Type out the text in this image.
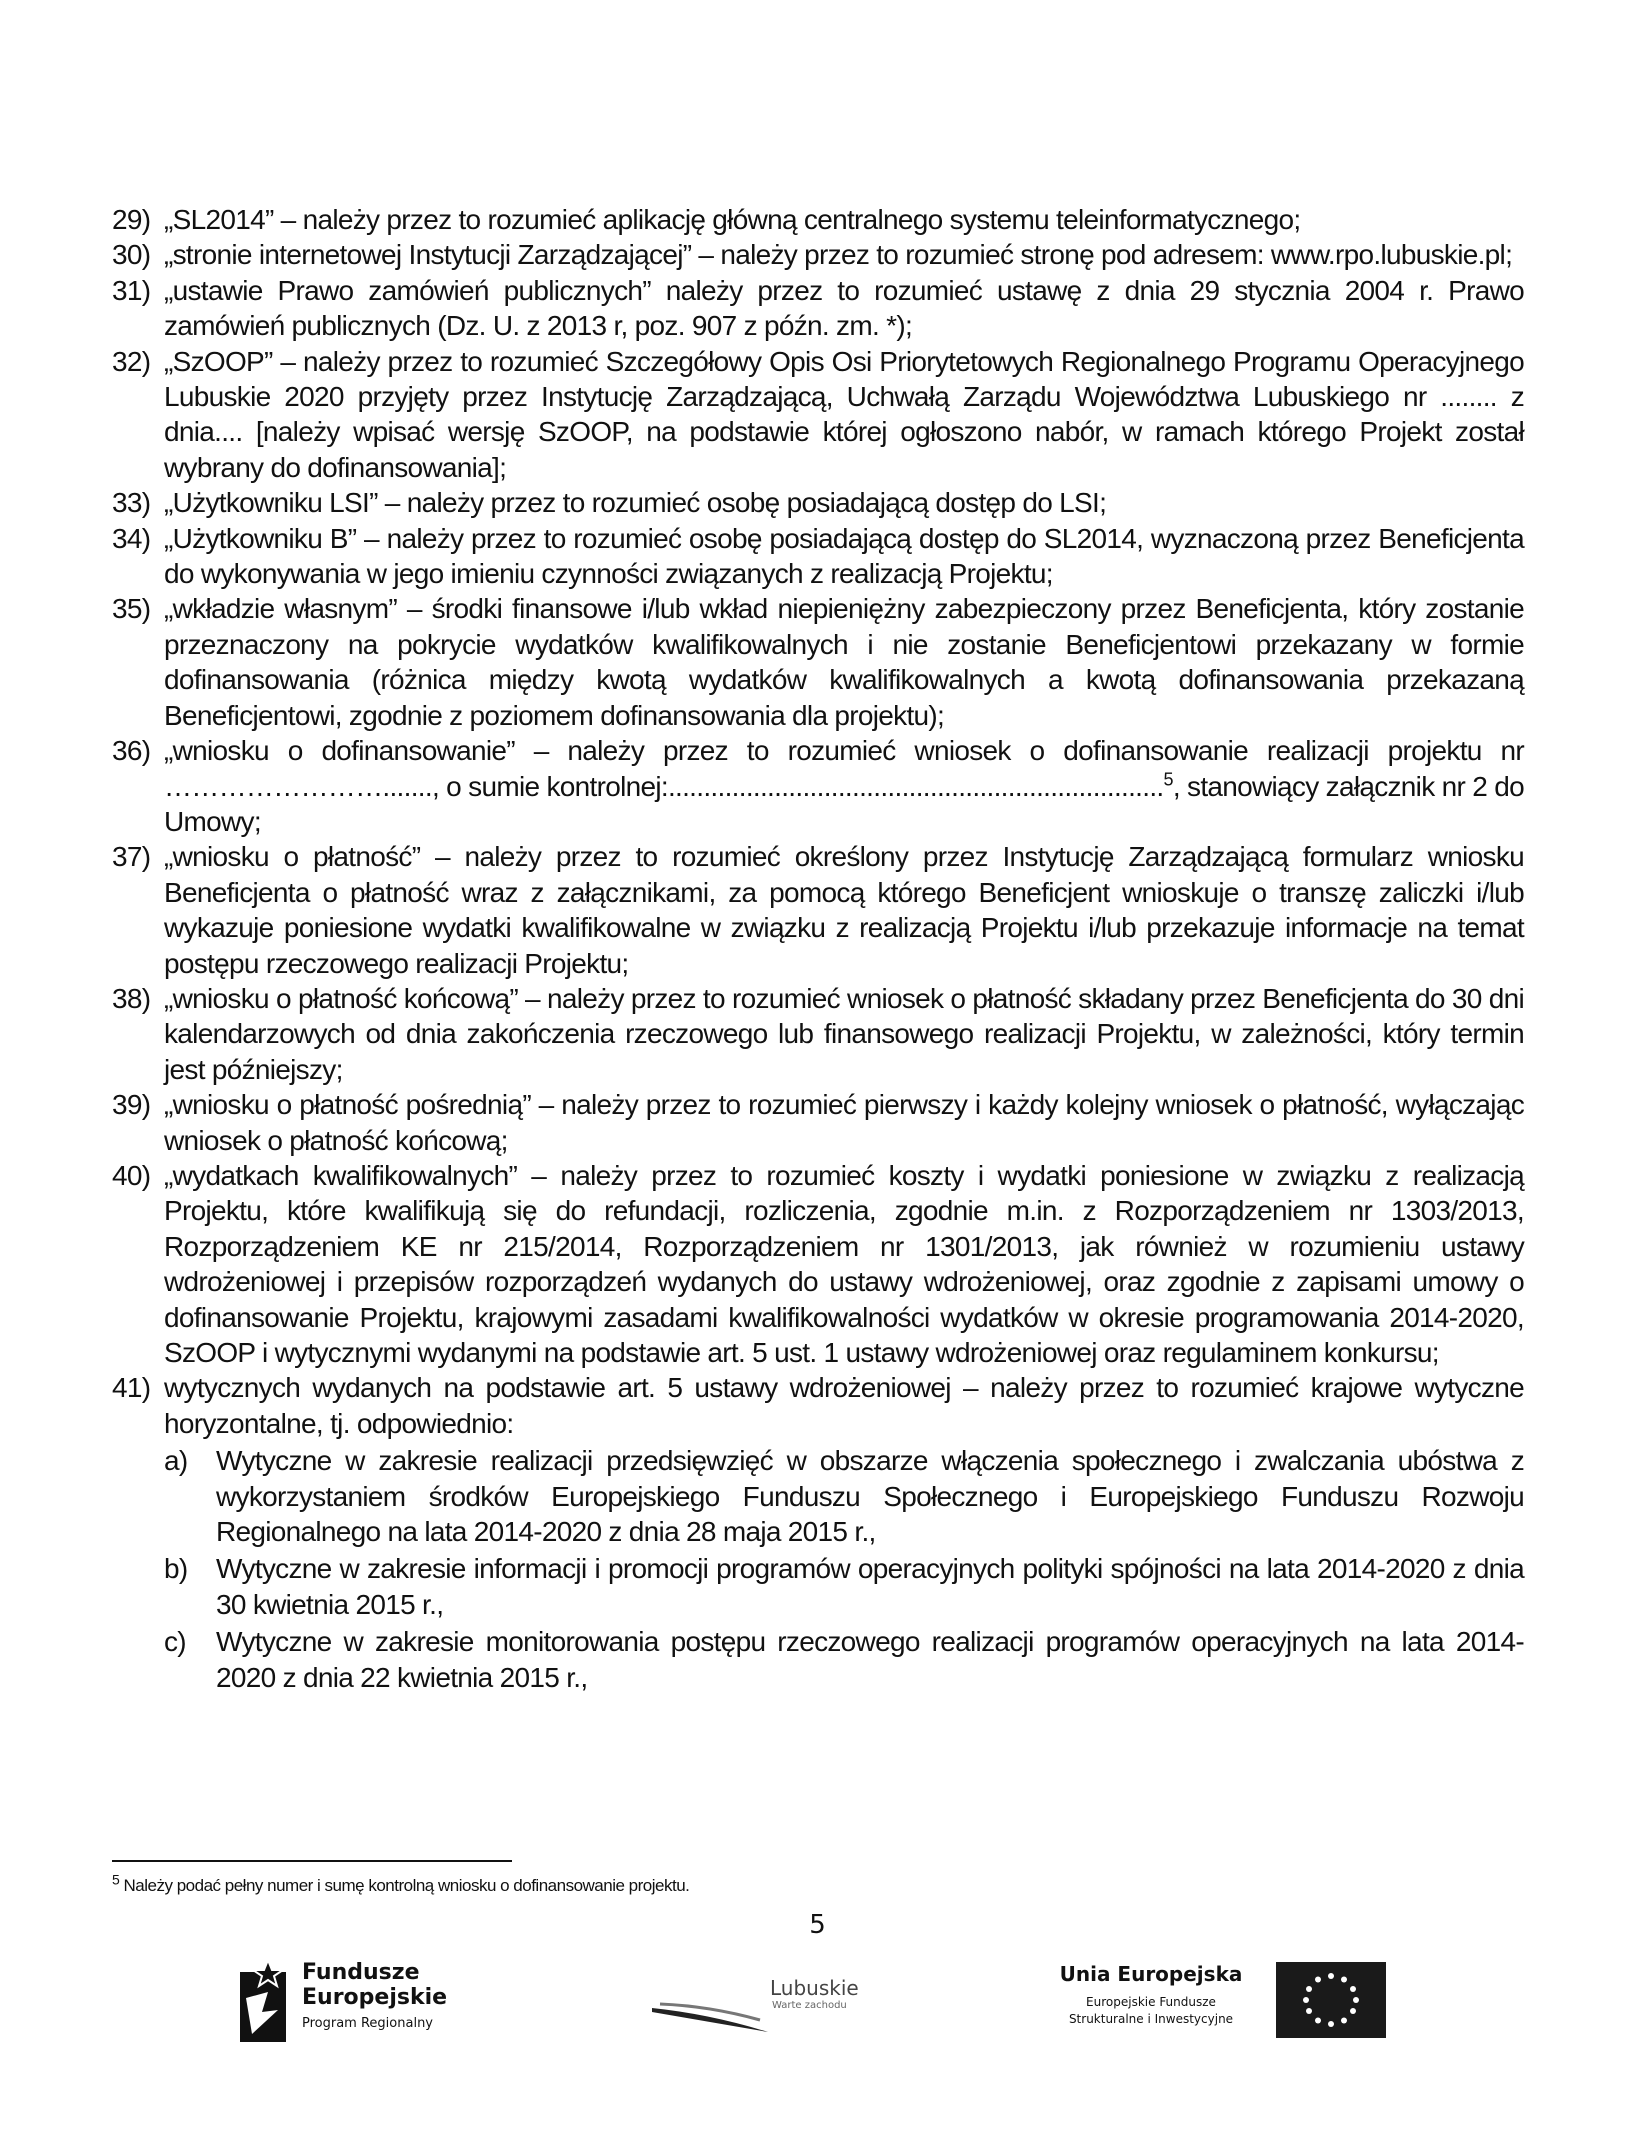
29) „SL2014” – należy przez to rozumieć aplikację główną centralnego systemu teleinformatycznego;
30) „stronie internetowej Instytucji Zarządzającej” – należy przez to rozumieć stronę pod adresem: www.rpo.lubuskie.pl;
31) „ustawie Prawo zamówień publicznych” należy przez to rozumieć ustawę z dnia 29 stycznia 2004 r. Prawo zamówień publicznych (Dz. U. z 2013 r, poz. 907 z późn. zm. *);
32) „SzOOP” – należy przez to rozumieć Szczegółowy Opis Osi Priorytetowych Regionalnego Programu Operacyjnego Lubuskie 2020 przyjęty przez Instytucję Zarządzającą, Uchwałą Zarządu Województwa Lubuskiego nr ........ z dnia.... [należy wpisać wersję SzOOP, na podstawie której ogłoszono nabór, w ramach którego Projekt został wybrany do dofinansowania];
33) „Użytkowniku LSI” – należy przez to rozumieć osobę posiadającą dostęp do LSI;
34) „Użytkowniku B” – należy przez to rozumieć osobę posiadającą dostęp do SL2014, wyznaczoną przez Beneficjenta do wykonywania w jego imieniu czynności związanych z realizacją Projektu;
35) „wkładzie własnym” – środki finansowe i/lub wkład niepieniężny zabezpieczony przez Beneficjenta, który zostanie przeznaczony na pokrycie wydatków kwalifikowalnych i nie zostanie Beneficjentowi przekazany w formie dofinansowania (różnica między kwotą wydatków kwalifikowalnych a kwotą dofinansowania przekazaną Beneficjentowi, zgodnie z poziomem dofinansowania dla projektu);
36) „wniosku o dofinansowanie” – należy przez to rozumieć wniosek o dofinansowanie realizacji projektu nr ……………………......., o sumie kontrolnej:......................................................................$^5$, stanowiący załącznik nr 2 do Umowy;
37) „wniosku o płatność” – należy przez to rozumieć określony przez Instytucję Zarządzającą formularz wniosku Beneficjenta o płatność wraz z załącznikami, za pomocą którego Beneficjent wnioskuje o transzę zaliczki i/lub wykazuje poniesione wydatki kwalifikowalne w związku z realizacją Projektu i/lub przekazuje informacje na temat postępu rzeczowego realizacji Projektu;
38) „wniosku o płatność końcową” – należy przez to rozumieć wniosek o płatność składany przez Beneficjenta do 30 dni kalendarzowych od dnia zakończenia rzeczowego lub finansowego realizacji Projektu, w zależności, który termin jest późniejszy;
39) „wniosku o płatność pośrednią” – należy przez to rozumieć pierwszy i każdy kolejny wniosek o płatność, wyłączając wniosek o płatność końcową;
40) „wydatkach kwalifikowalnych” – należy przez to rozumieć koszty i wydatki poniesione w związku z realizacją Projektu, które kwalifikują się do refundacji, rozliczenia, zgodnie m.in. z Rozporządzeniem nr 1303/2013, Rozporządzeniem KE nr 215/2014, Rozporządzeniem nr 1301/2013, jak również w rozumieniu ustawy wdrożeniowej i przepisów rozporządzeń wydanych do ustawy wdrożeniowej, oraz zgodnie z zapisami umowy o dofinansowanie Projektu, krajowymi zasadami kwalifikowalności wydatków w okresie programowania 2014-2020, SzOOP i wytycznymi wydanymi na podstawie art. 5 ust. 1 ustawy wdrożeniowej oraz regulaminem konkursu;
41) wytycznych wydanych na podstawie art. 5 ustawy wdrożeniowej – należy przez to rozumieć krajowe wytyczne horyzontalne, tj. odpowiednio:
a) Wytyczne w zakresie realizacji przedsięwzięć w obszarze włączenia społecznego i zwalczania ubóstwa z wykorzystaniem środków Europejskiego Funduszu Społecznego i Europejskiego Funduszu Rozwoju Regionalnego na lata 2014-2020 z dnia 28 maja 2015 r.,
b) Wytyczne w zakresie informacji i promocji programów operacyjnych polityki spójności na lata 2014-2020 z dnia 30 kwietnia 2015 r.,
c) Wytyczne w zakresie monitorowania postępu rzeczowego realizacji programów operacyjnych na lata 2014-2020 z dnia 22 kwietnia 2015 r.,
$^5$ Należy podać pełny numer i sumę kontrolną wniosku o dofinansowanie projektu.
5
Fundusze
Europejskie
Program Regionalny
Lubuskie
Warte zachodu
Unia Europejska
Europejskie Fundusze
Strukturalne i Inwestycyjne
